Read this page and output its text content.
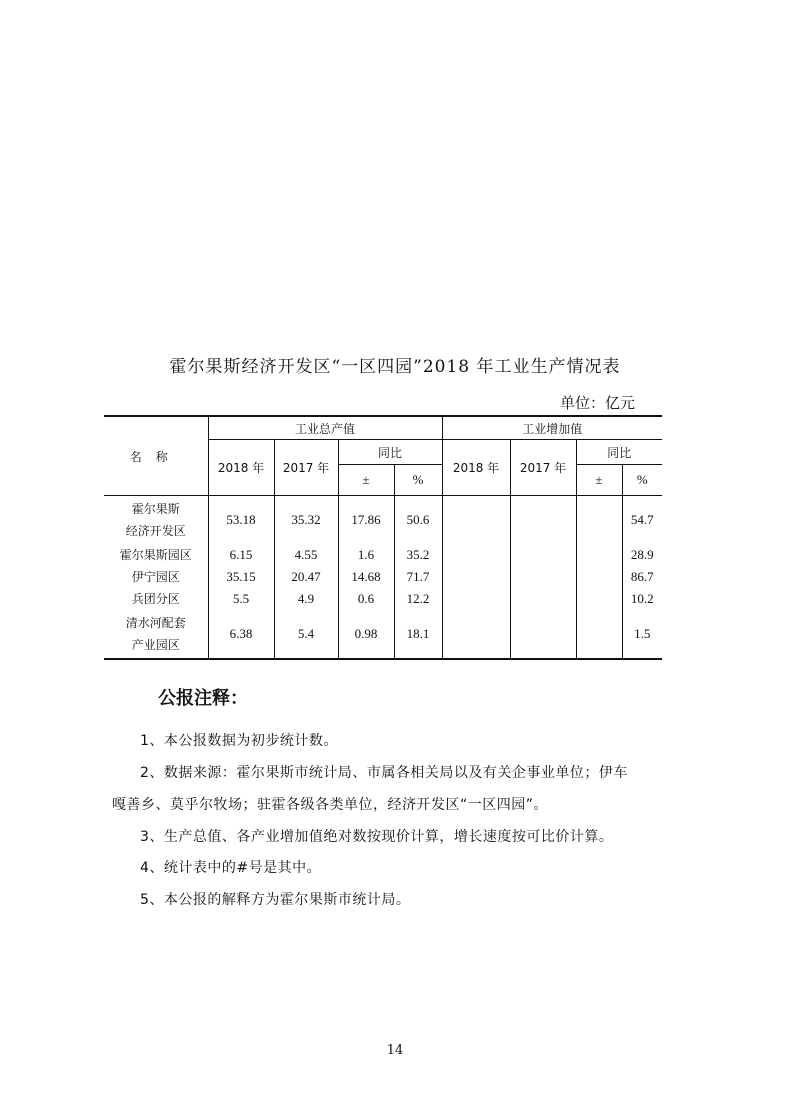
霍尔果斯经济开发区“一区四园”2018 年工业生产情况表
单位：亿元
名称	工业总产值				工业增加值			
	2018 年	2017 年	同比		2018 年	2017 年	同比	
			±	%			±	%
霍尔果斯
经济开发区	53.18	35.32	17.86	50.6				54.7
霍尔果斯园区	6.15	4.55	1.6	35.2				28.9
伊宁园区	35.15	20.47	14.68	71.7				86.7
兵团分区	5.5	4.9	0.6	12.2				10.2
清水河配套
产业园区	6.38	5.4	0.98	18.1				1.5
公报注释：
1、本公报数据为初步统计数。
2、数据来源：霍尔果斯市统计局、市属各相关局以及有关企事业单位；伊车
嘎善乡、莫乎尔牧场；驻霍各级各类单位，经济开发区“一区四园”。
3、生产总值、各产业增加值绝对数按现价计算，增长速度按可比价计算。
4、统计表中的#号是其中。
5、本公报的解释方为霍尔果斯市统计局。
14
